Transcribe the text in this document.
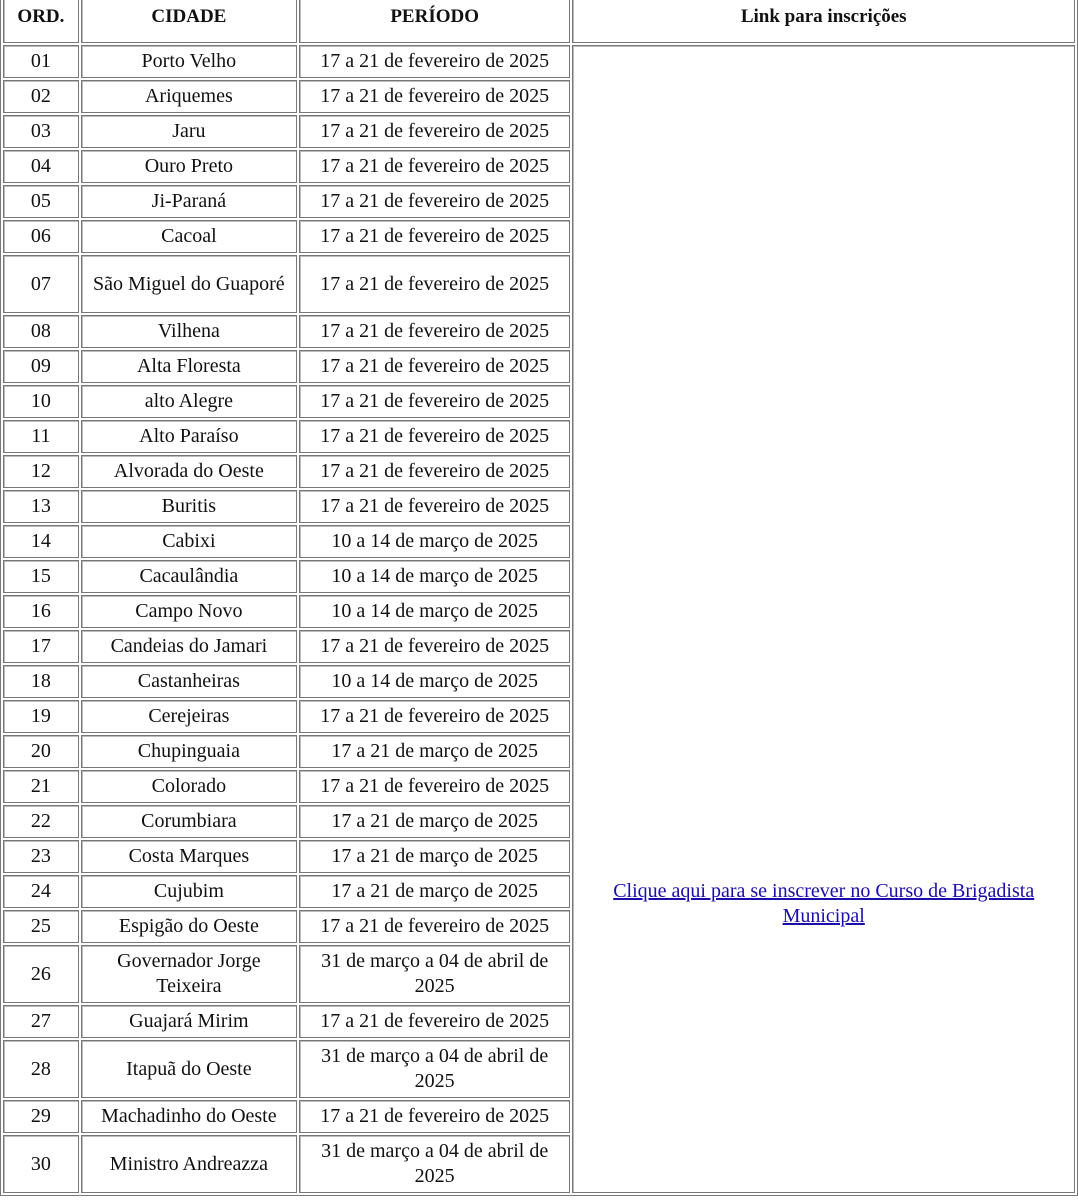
ORD.	CIDADE	PERÍODO	Link para inscrições
01	Porto Velho	17 a 21 de fevereiro de 2025	Clique aqui para se inscrever no Curso de Brigadista Municipal

02	Ariquemes	17 a 21 de fevereiro de 2025	
03	Jaru	17 a 21 de fevereiro de 2025	
04	Ouro Preto	17 a 21 de fevereiro de 2025	
05	Ji-Paraná	17 a 21 de fevereiro de 2025	
06	Cacoal	17 a 21 de fevereiro de 2025	
07	São Miguel do Guaporé	17 a 21 de fevereiro de 2025	
08	Vilhena	17 a 21 de fevereiro de 2025	
09	Alta Floresta	17 a 21 de fevereiro de 2025	
10	alto Alegre	17 a 21 de fevereiro de 2025	
11	Alto Paraíso	17 a 21 de fevereiro de 2025	
12	Alvorada do Oeste	17 a 21 de fevereiro de 2025	
13	Buritis	17 a 21 de fevereiro de 2025	
14	Cabixi	10 a 14 de março de 2025	
15	Cacaulândia	10 a 14 de março de 2025	
16	Campo Novo	10 a 14 de março de 2025	
17	Candeias do Jamari	17 a 21 de fevereiro de 2025	
18	Castanheiras	10 a 14 de março de 2025	
19	Cerejeiras	17 a 21 de fevereiro de 2025	
20	Chupinguaia	17 a 21 de março de 2025	
21	Colorado	17 a 21 de fevereiro de 2025	
22	Corumbiara	17 a 21 de março de 2025	
23	Costa Marques	17 a 21 de março de 2025	
24	Cujubim	17 a 21 de março de 2025	
25	Espigão do Oeste	17 a 21 de fevereiro de 2025	
26	Governador Jorge Teixeira	31 de março a 04 de abril de 2025	
27	Guajará Mirim	17 a 21 de fevereiro de 2025	
28	Itapuã do Oeste	31 de março a 04 de abril de 2025	
29	Machadinho do Oeste	17 a 21 de fevereiro de 2025	
30	Ministro Andreazza	31 de março a 04 de abril de 2025	
